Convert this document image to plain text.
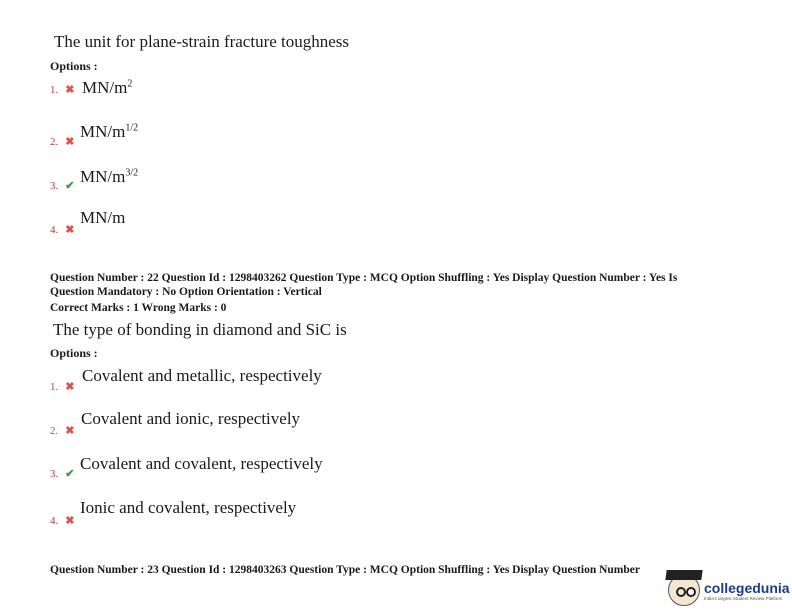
The unit for plane-strain fracture toughness
Options :
1. ✖ $MN/m^2$
2. ✖
$MN/m^{1/2}$
3. ✔ $MN/m^{3/2}$
4. ✖
MN/m
Question Number : 22 Question Id : 1298403262 Question Type : MCQ Option Shuffling : Yes Display Question Number : Yes Is
Question Mandatory : No Option Orientation : Vertical
Correct Marks : 1 Wrong Marks : 0
The type of bonding in diamond and SiC is
Options :
1. ✖
Covalent and metallic, respectively
2. ✖
Covalent and ionic, respectively
3. ✔
Covalent and covalent, respectively
4. ✖
Ionic and covalent, respectively
Question Number : 23 Question Id : 1298403263 Question Type : MCQ Option Shuffling : Yes Display Question Number
collegedunia
India's largest Student Review Platform
